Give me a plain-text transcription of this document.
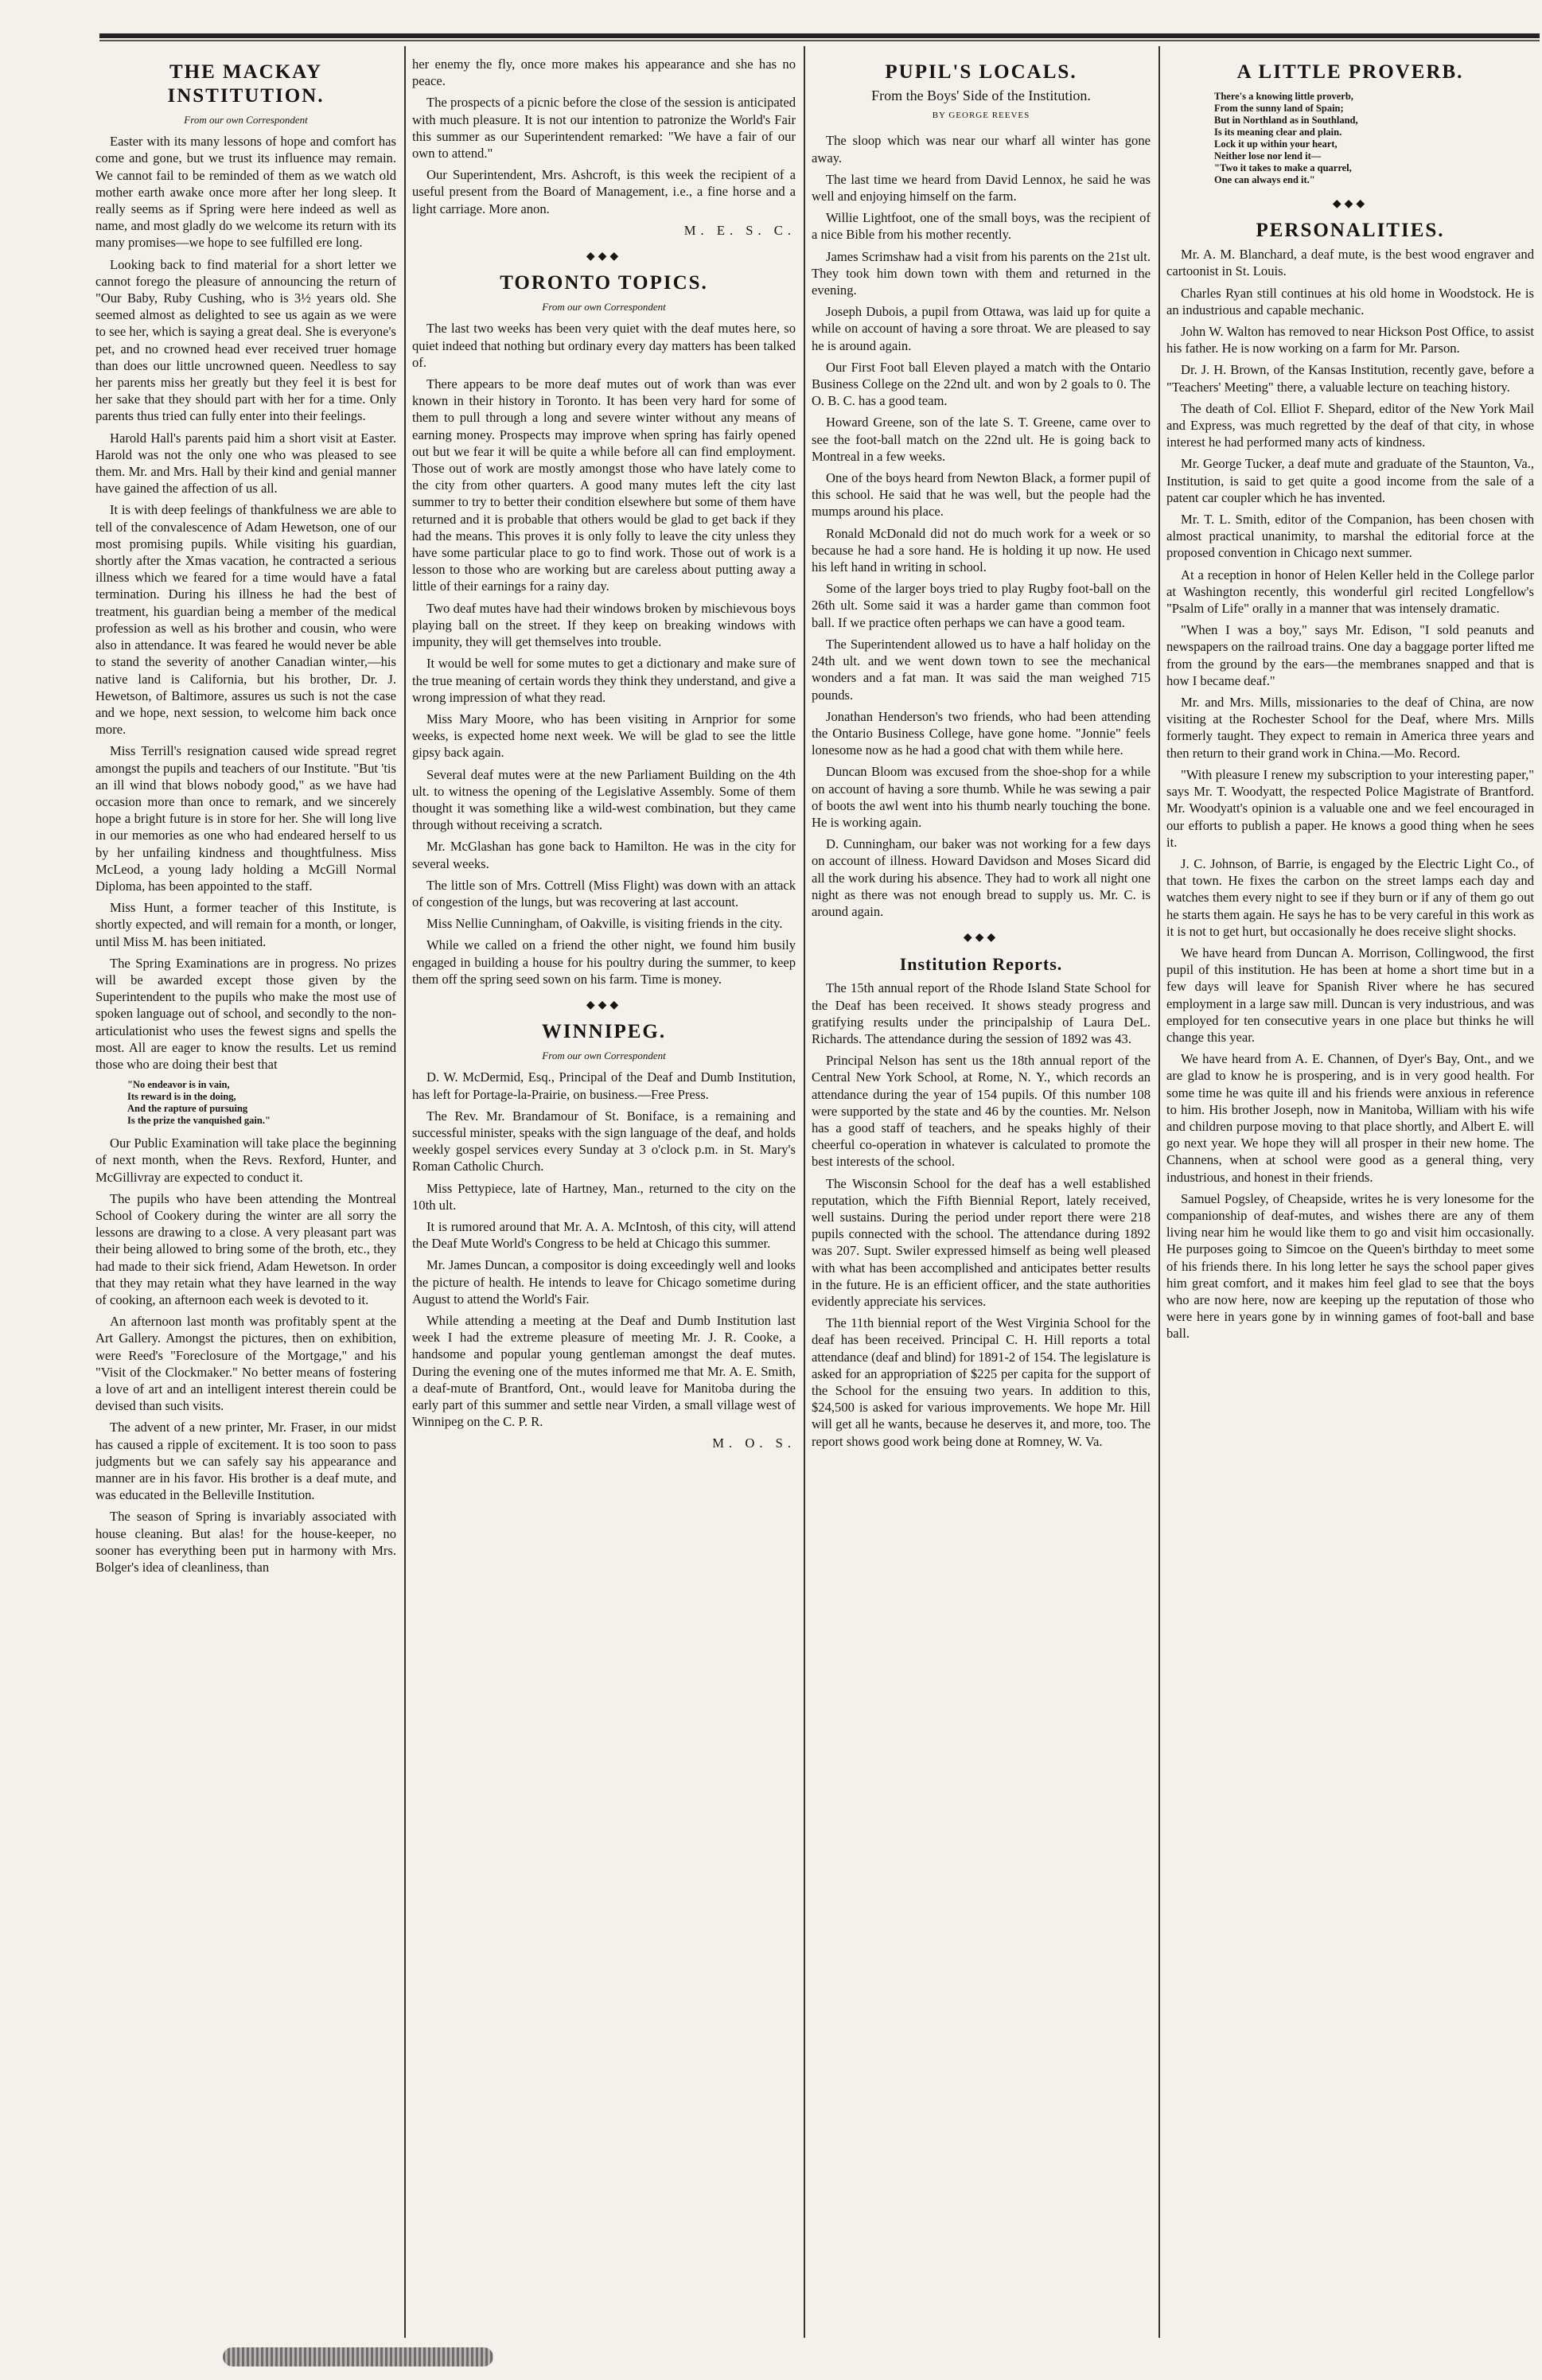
THE MACKAY INSTITUTION.
From our own Correspondent

Easter with its many lessons of hope and comfort has come and gone, but we trust its influence may remain. We cannot fail to be reminded of them as we watch old mother earth awake once more after her long sleep. It really seems as if Spring were here indeed as well as name, and most gladly do we welcome its return with its many promises—we hope to see fulfilled ere long.

Looking back to find material for a short letter we cannot forego the pleasure of announcing the return of "Our Baby, Ruby Cushing, who is 3½ years old. She seemed almost as delighted to see us again as we were to see her, which is saying a great deal. She is everyone's pet, and no crowned head ever received truer homage than does our little uncrowned queen. Needless to say her parents miss her greatly but they feel it is best for her sake that they should part with her for a time. Only parents thus tried can fully enter into their feelings.

Harold Hall's parents paid him a short visit at Easter. Harold was not the only one who was pleased to see them. Mr. and Mrs. Hall by their kind and genial manner have gained the affection of us all.

It is with deep feelings of thankfulness we are able to tell of the convalescence of Adam Hewetson, one of our most promising pupils. While visiting his guardian, shortly after the Xmas vacation, he contracted a serious illness which we feared for a time would have a fatal termination. During his illness he had the best of treatment, his guardian being a member of the medical profession as well as his brother and cousin, who were also in attendance. It was feared he would never be able to stand the severity of another Canadian winter,—his native land is California, but his brother, Dr. J. Hewetson, of Baltimore, assures us such is not the case and we hope, next session, to welcome him back once more.

Miss Terrill's resignation caused wide spread regret amongst the pupils and teachers of our Institute. "But 'tis an ill wind that blows nobody good," as we have had occasion more than once to remark, and we sincerely hope a bright future is in store for her. She will long live in our memories as one who had endeared herself to us by her unfailing kindness and thoughtfulness. Miss McLeod, a young lady holding a McGill Normal Diploma, has been appointed to the staff.

Miss Hunt, a former teacher of this Institute, is shortly expected, and will remain for a month, or longer, until Miss M. has been initiated.

The Spring Examinations are in progress. No prizes will be awarded except those given by the Superintendent to the pupils who make the most use of spoken language out of school, and secondly to the non-articulationist who uses the fewest signs and spells the most. All are eager to know the results. Let us remind those who are doing their best that

"No endeavor is in vain,
Its reward is in the doing,
And the rapture of pursuing
Is the prize the vanquished gain."

Our Public Examination will take place the beginning of next month, when the Revs. Rexford, Hunter, and McGillivray are expected to conduct it.

The pupils who have been attending the Montreal School of Cookery during the winter are all sorry the lessons are drawing to a close. A very pleasant part was their being allowed to bring some of the broth, etc., they had made to their sick friend, Adam Hewetson. In order that they may retain what they have learned in the way of cooking, an afternoon each week is devoted to it.

An afternoon last month was profitably spent at the Art Gallery. Amongst the pictures, then on exhibition, were Reed's "Foreclosure of the Mortgage," and his "Visit of the Clockmaker." No better means of fostering a love of art and an intelligent interest therein could be devised than such visits.

The advent of a new printer, Mr. Fraser, in our midst has caused a ripple of excitement. It is too soon to pass judgments but we can safely say his appearance and manner are in his favor. His brother is a deaf mute, and was educated in the Belleville Institution.

The season of Spring is invariably associated with house cleaning. But alas! for the house-keeper, no sooner has everything been put in harmony with Mrs. Bolger's idea of cleanliness, than

her enemy the fly, once more makes his appearance and she has no peace.

The prospects of a picnic before the close of the session is anticipated with much pleasure. It is not our intention to patronize the World's Fair this summer as our Superintendent remarked: "We have a fair of our own to attend."

Our Superintendent, Mrs. Ashcroft, is this week the recipient of a useful present from the Board of Management, i.e., a fine horse and a light carriage. More anon.

M. E. S. C.
◆◆◆
TORONTO TOPICS.
From our own Correspondent

The last two weeks has been very quiet with the deaf mutes here, so quiet indeed that nothing but ordinary every day matters has been talked of.

There appears to be more deaf mutes out of work than was ever known in their history in Toronto. It has been very hard for some of them to pull through a long and severe winter without any means of earning money. Prospects may improve when spring has fairly opened out but we fear it will be quite a while before all can find employment. Those out of work are mostly amongst those who have lately come to the city from other quarters. A good many mutes left the city last summer to try to better their condition elsewhere but some of them have returned and it is probable that others would be glad to get back if they had the means. This proves it is only folly to leave the city unless they have some particular place to go to find work. Those out of work is a lesson to those who are working but are careless about putting away a little of their earnings for a rainy day.

Two deaf mutes have had their windows broken by mischievous boys playing ball on the street. If they keep on breaking windows with impunity, they will get themselves into trouble.

It would be well for some mutes to get a dictionary and make sure of the true meaning of certain words they think they understand, and give a wrong impression of what they read.

Miss Mary Moore, who has been visiting in Arnprior for some weeks, is expected home next week. We will be glad to see the little gipsy back again.

Several deaf mutes were at the new Parliament Building on the 4th ult. to witness the opening of the Legislative Assembly. Some of them thought it was something like a wild-west combination, but they came through without receiving a scratch.

Mr. McGlashan has gone back to Hamilton. He was in the city for several weeks.

The little son of Mrs. Cottrell (Miss Flight) was down with an attack of congestion of the lungs, but was recovering at last account.

Miss Nellie Cunningham, of Oakville, is visiting friends in the city.

While we called on a friend the other night, we found him busily engaged in building a house for his poultry during the summer, to keep them off the spring seed sown on his farm. Time is money.

◆◆◆
WINNIPEG.
From our own Correspondent

D. W. McDermid, Esq., Principal of the Deaf and Dumb Institution, has left for Portage-la-Prairie, on business.—Free Press.

The Rev. Mr. Brandamour of St. Boniface, is a remaining and successful minister, speaks with the sign language of the deaf, and holds weekly gospel services every Sunday at 3 o'clock p.m. in St. Mary's Roman Catholic Church.

Miss Pettypiece, late of Hartney, Man., returned to the city on the 10th ult.

It is rumored around that Mr. A. A. McIntosh, of this city, will attend the Deaf Mute World's Congress to be held at Chicago this summer.

Mr. James Duncan, a compositor is doing exceedingly well and looks the picture of health. He intends to leave for Chicago sometime during August to attend the World's Fair.

While attending a meeting at the Deaf and Dumb Institution last week I had the extreme pleasure of meeting Mr. J. R. Cooke, a handsome and popular young gentleman amongst the deaf mutes. During the evening one of the mutes informed me that Mr. A. E. Smith, a deaf-mute of Brantford, Ont., would leave for Manitoba during the early part of this summer and settle near Virden, a small village west of Winnipeg on the C. P. R.

M. O. S.
PUPIL'S LOCALS.
From the Boys' Side of the Institution.
BY GEORGE REEVES

The sloop which was near our wharf all winter has gone away.

The last time we heard from David Lennox, he said he was well and enjoying himself on the farm.

Willie Lightfoot, one of the small boys, was the recipient of a nice Bible from his mother recently.

James Scrimshaw had a visit from his parents on the 21st ult. They took him down town with them and returned in the evening.

Joseph Dubois, a pupil from Ottawa, was laid up for quite a while on account of having a sore throat. We are pleased to say he is around again.

Our First Foot ball Eleven played a match with the Ontario Business College on the 22nd ult. and won by 2 goals to 0. The O. B. C. has a good team.

Howard Greene, son of the late S. T. Greene, came over to see the foot-ball match on the 22nd ult. He is going back to Montreal in a few weeks.

One of the boys heard from Newton Black, a former pupil of this school. He said that he was well, but the people had the mumps around his place.

Ronald McDonald did not do much work for a week or so because he had a sore hand. He is holding it up now. He used his left hand in writing in school.

Some of the larger boys tried to play Rugby foot-ball on the 26th ult. Some said it was a harder game than common foot ball. If we practice often perhaps we can have a good team.

The Superintendent allowed us to have a half holiday on the 24th ult. and we went down town to see the mechanical wonders and a fat man. It was said the man weighed 715 pounds.

Jonathan Henderson's two friends, who had been attending the Ontario Business College, have gone home. "Jonnie" feels lonesome now as he had a good chat with them while here.

Duncan Bloom was excused from the shoe-shop for a while on account of having a sore thumb. While he was sewing a pair of boots the awl went into his thumb nearly touching the bone. He is working again.

D. Cunningham, our baker was not working for a few days on account of illness. Howard Davidson and Moses Sicard did all the work during his absence. They had to work all night one night as there was not enough bread to supply us. Mr. C. is around again.

◆◆◆
Institution Reports.

The 15th annual report of the Rhode Island State School for the Deaf has been received. It shows steady progress and gratifying results under the principalship of Laura DeL. Richards. The attendance during the session of 1892 was 43.

Principal Nelson has sent us the 18th annual report of the Central New York School, at Rome, N. Y., which records an attendance during the year of 154 pupils. Of this number 108 were supported by the state and 46 by the counties. Mr. Nelson has a good staff of teachers, and he speaks highly of their cheerful co-operation in whatever is calculated to promote the best interests of the school.

The Wisconsin School for the deaf has a well established reputation, which the Fifth Biennial Report, lately received, well sustains. During the period under report there were 218 pupils connected with the school. The attendance during 1892 was 207. Supt. Swiler expressed himself as being well pleased with what has been accomplished and anticipates better results in the future. He is an efficient officer, and the state authorities evidently appreciate his services.

The 11th biennial report of the West Virginia School for the deaf has been received. Principal C. H. Hill reports a total attendance (deaf and blind) for 1891-2 of 154. The legislature is asked for an appropriation of $225 per capita for the support of the School for the ensuing two years. In addition to this, $24,500 is asked for various improvements. We hope Mr. Hill will get all he wants, because he deserves it, and more, too. The report shows good work being done at Romney, W. Va.

A LITTLE PROVERB.
There's a knowing little proverb,
From the sunny land of Spain;
But in Northland as in Southland,
Is its meaning clear and plain.
Lock it up within your heart,
Neither lose nor lend it—
"Two it takes to make a quarrel,
One can always end it."
◆◆◆
PERSONALITIES.

Mr. A. M. Blanchard, a deaf mute, is the best wood engraver and cartoonist in St. Louis.

Charles Ryan still continues at his old home in Woodstock. He is an industrious and capable mechanic.

John W. Walton has removed to near Hickson Post Office, to assist his father. He is now working on a farm for Mr. Parson.

Dr. J. H. Brown, of the Kansas Institution, recently gave, before a "Teachers' Meeting" there, a valuable lecture on teaching history.

The death of Col. Elliot F. Shepard, editor of the New York Mail and Express, was much regretted by the deaf of that city, in whose interest he had performed many acts of kindness.

Mr. George Tucker, a deaf mute and graduate of the Staunton, Va., Institution, is said to get quite a good income from the sale of a patent car coupler which he has invented.

Mr. T. L. Smith, editor of the Companion, has been chosen with almost practical unanimity, to marshal the editorial force at the proposed convention in Chicago next summer.

At a reception in honor of Helen Keller held in the College parlor at Washington recently, this wonderful girl recited Longfellow's "Psalm of Life" orally in a manner that was intensely dramatic.

"When I was a boy," says Mr. Edison, "I sold peanuts and newspapers on the railroad trains. One day a baggage porter lifted me from the ground by the ears—the membranes snapped and that is how I became deaf."

Mr. and Mrs. Mills, missionaries to the deaf of China, are now visiting at the Rochester School for the Deaf, where Mrs. Mills formerly taught. They expect to remain in America three years and then return to their grand work in China.—Mo. Record.

"With pleasure I renew my subscription to your interesting paper," says Mr. T. Woodyatt, the respected Police Magistrate of Brantford. Mr. Woodyatt's opinion is a valuable one and we feel encouraged in our efforts to publish a paper. He knows a good thing when he sees it.

J. C. Johnson, of Barrie, is engaged by the Electric Light Co., of that town. He fixes the carbon on the street lamps each day and watches them every night to see if they burn or if any of them go out he starts them again. He says he has to be very careful in this work as it is not to get hurt, but occasionally he does receive slight shocks.

We have heard from Duncan A. Morrison, Collingwood, the first pupil of this institution. He has been at home a short time but in a few days will leave for Spanish River where he has secured employment in a large saw mill. Duncan is very industrious, and was employed for ten consecutive years in one place but thinks he will change this year.

We have heard from A. E. Channen, of Dyer's Bay, Ont., and we are glad to know he is prospering, and is in very good health. For some time he was quite ill and his friends were anxious in reference to him. His brother Joseph, now in Manitoba, William with his wife and children purpose moving to that place shortly, and Albert E. will go next year. We hope they will all prosper in their new home. The Channens, when at school were good as a general thing, very industrious, and honest in their friends.

Samuel Pogsley, of Cheapside, writes he is very lonesome for the companionship of deaf-mutes, and wishes there are any of them living near him he would like them to go and visit him occasionally. He purposes going to Simcoe on the Queen's birthday to meet some of his friends there. In his long letter he says the school paper gives him great comfort, and it makes him feel glad to see that the boys who are now here, now are keeping up the reputation of those who were here in years gone by in winning games of foot-ball and base ball.
